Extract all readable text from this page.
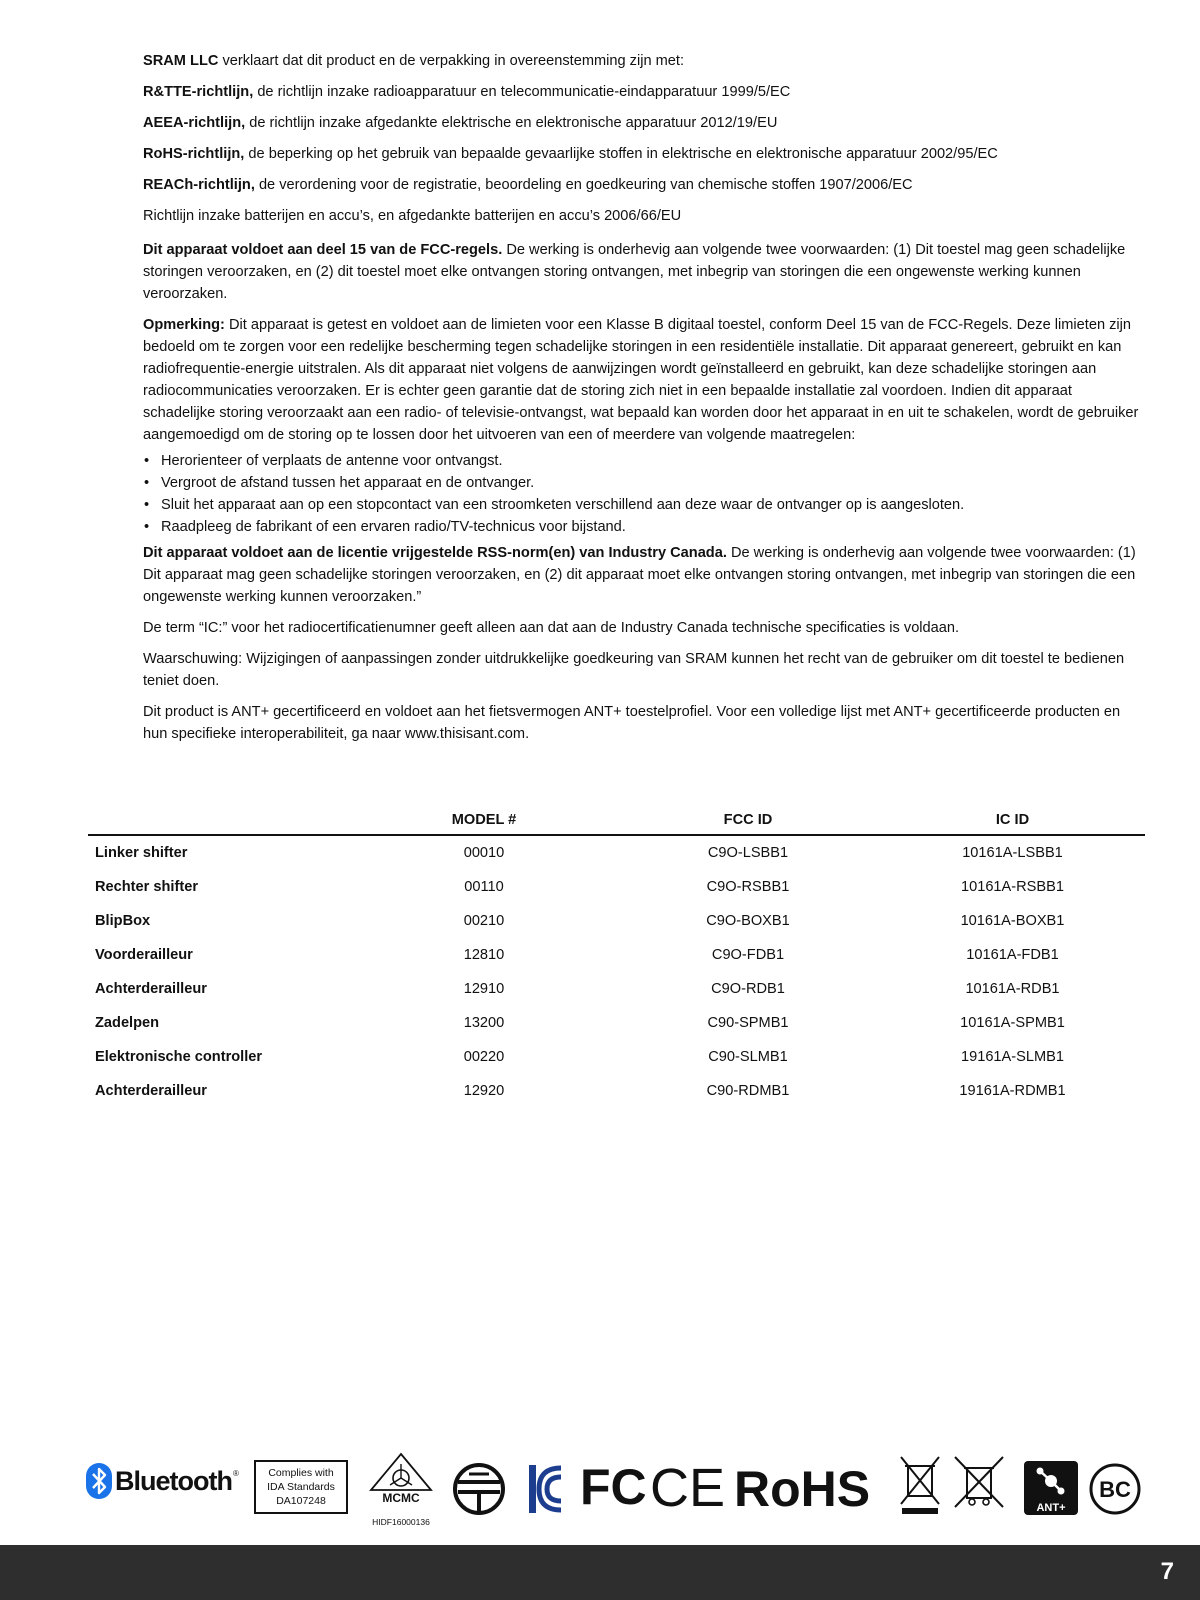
SRAM LLC verklaart dat dit product en de verpakking in overeenstemming zijn met:

R&TTE-richtlijn, de richtlijn inzake radioapparatuur en telecommunicatie-eindapparatuur 1999/5/EC

AEEA-richtlijn, de richtlijn inzake afgedankte elektrische en elektronische apparatuur 2012/19/EU

RoHS-richtlijn, de beperking op het gebruik van bepaalde gevaarlijke stoffen in elektrische en elektronische apparatuur 2002/95/EC

REACh-richtlijn, de verordening voor de registratie, beoordeling en goedkeuring van chemische stoffen 1907/2006/EC

Richtlijn inzake batterijen en accu’s, en afgedankte batterijen en accu’s 2006/66/EU

Dit apparaat voldoet aan deel 15 van de FCC-regels. De werking is onderhevig aan volgende twee voorwaarden: (1) Dit toestel mag geen schadelijke storingen veroorzaken, en (2) dit toestel moet elke ontvangen storing ontvangen, met inbegrip van storingen die een ongewenste werking kunnen veroorzaken.

Opmerking: Dit apparaat is getest en voldoet aan de limieten voor een Klasse B digitaal toestel, conform Deel 15 van de FCC-Regels. Deze limieten zijn bedoeld om te zorgen voor een redelijke bescherming tegen schadelijke storingen in een residentiële installatie. Dit apparaat genereert, gebruikt en kan radiofrequentie-energie uitstralen. Als dit apparaat niet volgens de aanwijzingen wordt geïnstalleerd en gebruikt, kan deze schadelijke storingen aan radiocommunicaties veroorzaken. Er is echter geen garantie dat de storing zich niet in een bepaalde installatie zal voordoen. Indien dit apparaat schadelijke storing veroorzaakt aan een radio- of televisie-ontvangst, wat bepaald kan worden door het apparaat in en uit te schakelen, wordt de gebruiker aangemoedigd om de storing op te lossen door het uitvoeren van een of meerdere van volgende maatregelen:

• Herorienteer of verplaats de antenne voor ontvangst.
• Vergroot de afstand tussen het apparaat en de ontvanger.
• Sluit het apparaat aan op een stopcontact van een stroomketen verschillend aan deze waar de ontvanger op is aangesloten.
• Raadpleeg de fabrikant of een ervaren radio/TV-technicus voor bijstand.

Dit apparaat voldoet aan de licentie vrijgestelde RSS-norm(en) van Industry Canada. De werking is onderhevig aan volgende twee voorwaarden: (1) Dit apparaat mag geen schadelijke storingen veroorzaken, en (2) dit apparaat moet elke ontvangen storing ontvangen, met inbegrip van storingen die een ongewenste werking kunnen veroorzaken.”

De term “IC:” voor het radiocertificatienumner geeft alleen aan dat aan de Industry Canada technische specificaties is voldaan.

Waarschuwing: Wijzigingen of aanpassingen zonder uitdrukkelijke goedkeuring van SRAM kunnen het recht van de gebruiker om dit toestel te bedienen teniet doen.

Dit product is ANT+ gecertificeerd en voldoet aan het fietsvermogen ANT+ toestelprofiel. Voor een volledige lijst met ANT+ gecertificeerde producten en hun specifieke interoperabiliteit, ga naar www.thisisant.com.

	MODEL #	FCC ID	IC ID
Linker shifter	00010	C9O-LSBB1	10161A-LSBB1
Rechter shifter	00110	C9O-RSBB1	10161A-RSBB1
BlipBox	00210	C9O-BOXB1	10161A-BOXB1
Voorderailleur	12810	C9O-FDB1	10161A-FDB1
Achterderailleur	12910	C9O-RDB1	10161A-RDB1
Zadelpen	13200	C90-SPMB1	10161A-SPMB1
Elektronische controller	00220	C90-SLMB1	19161A-SLMB1
Achterderailleur	12920	C90-RDMB1	19161A-RDMB1
Bluetooth ®	Complies with
IDA Standards
DA107248	MCMC
HIDF16000136
FC CE RoHS	ANT+
BC
7
